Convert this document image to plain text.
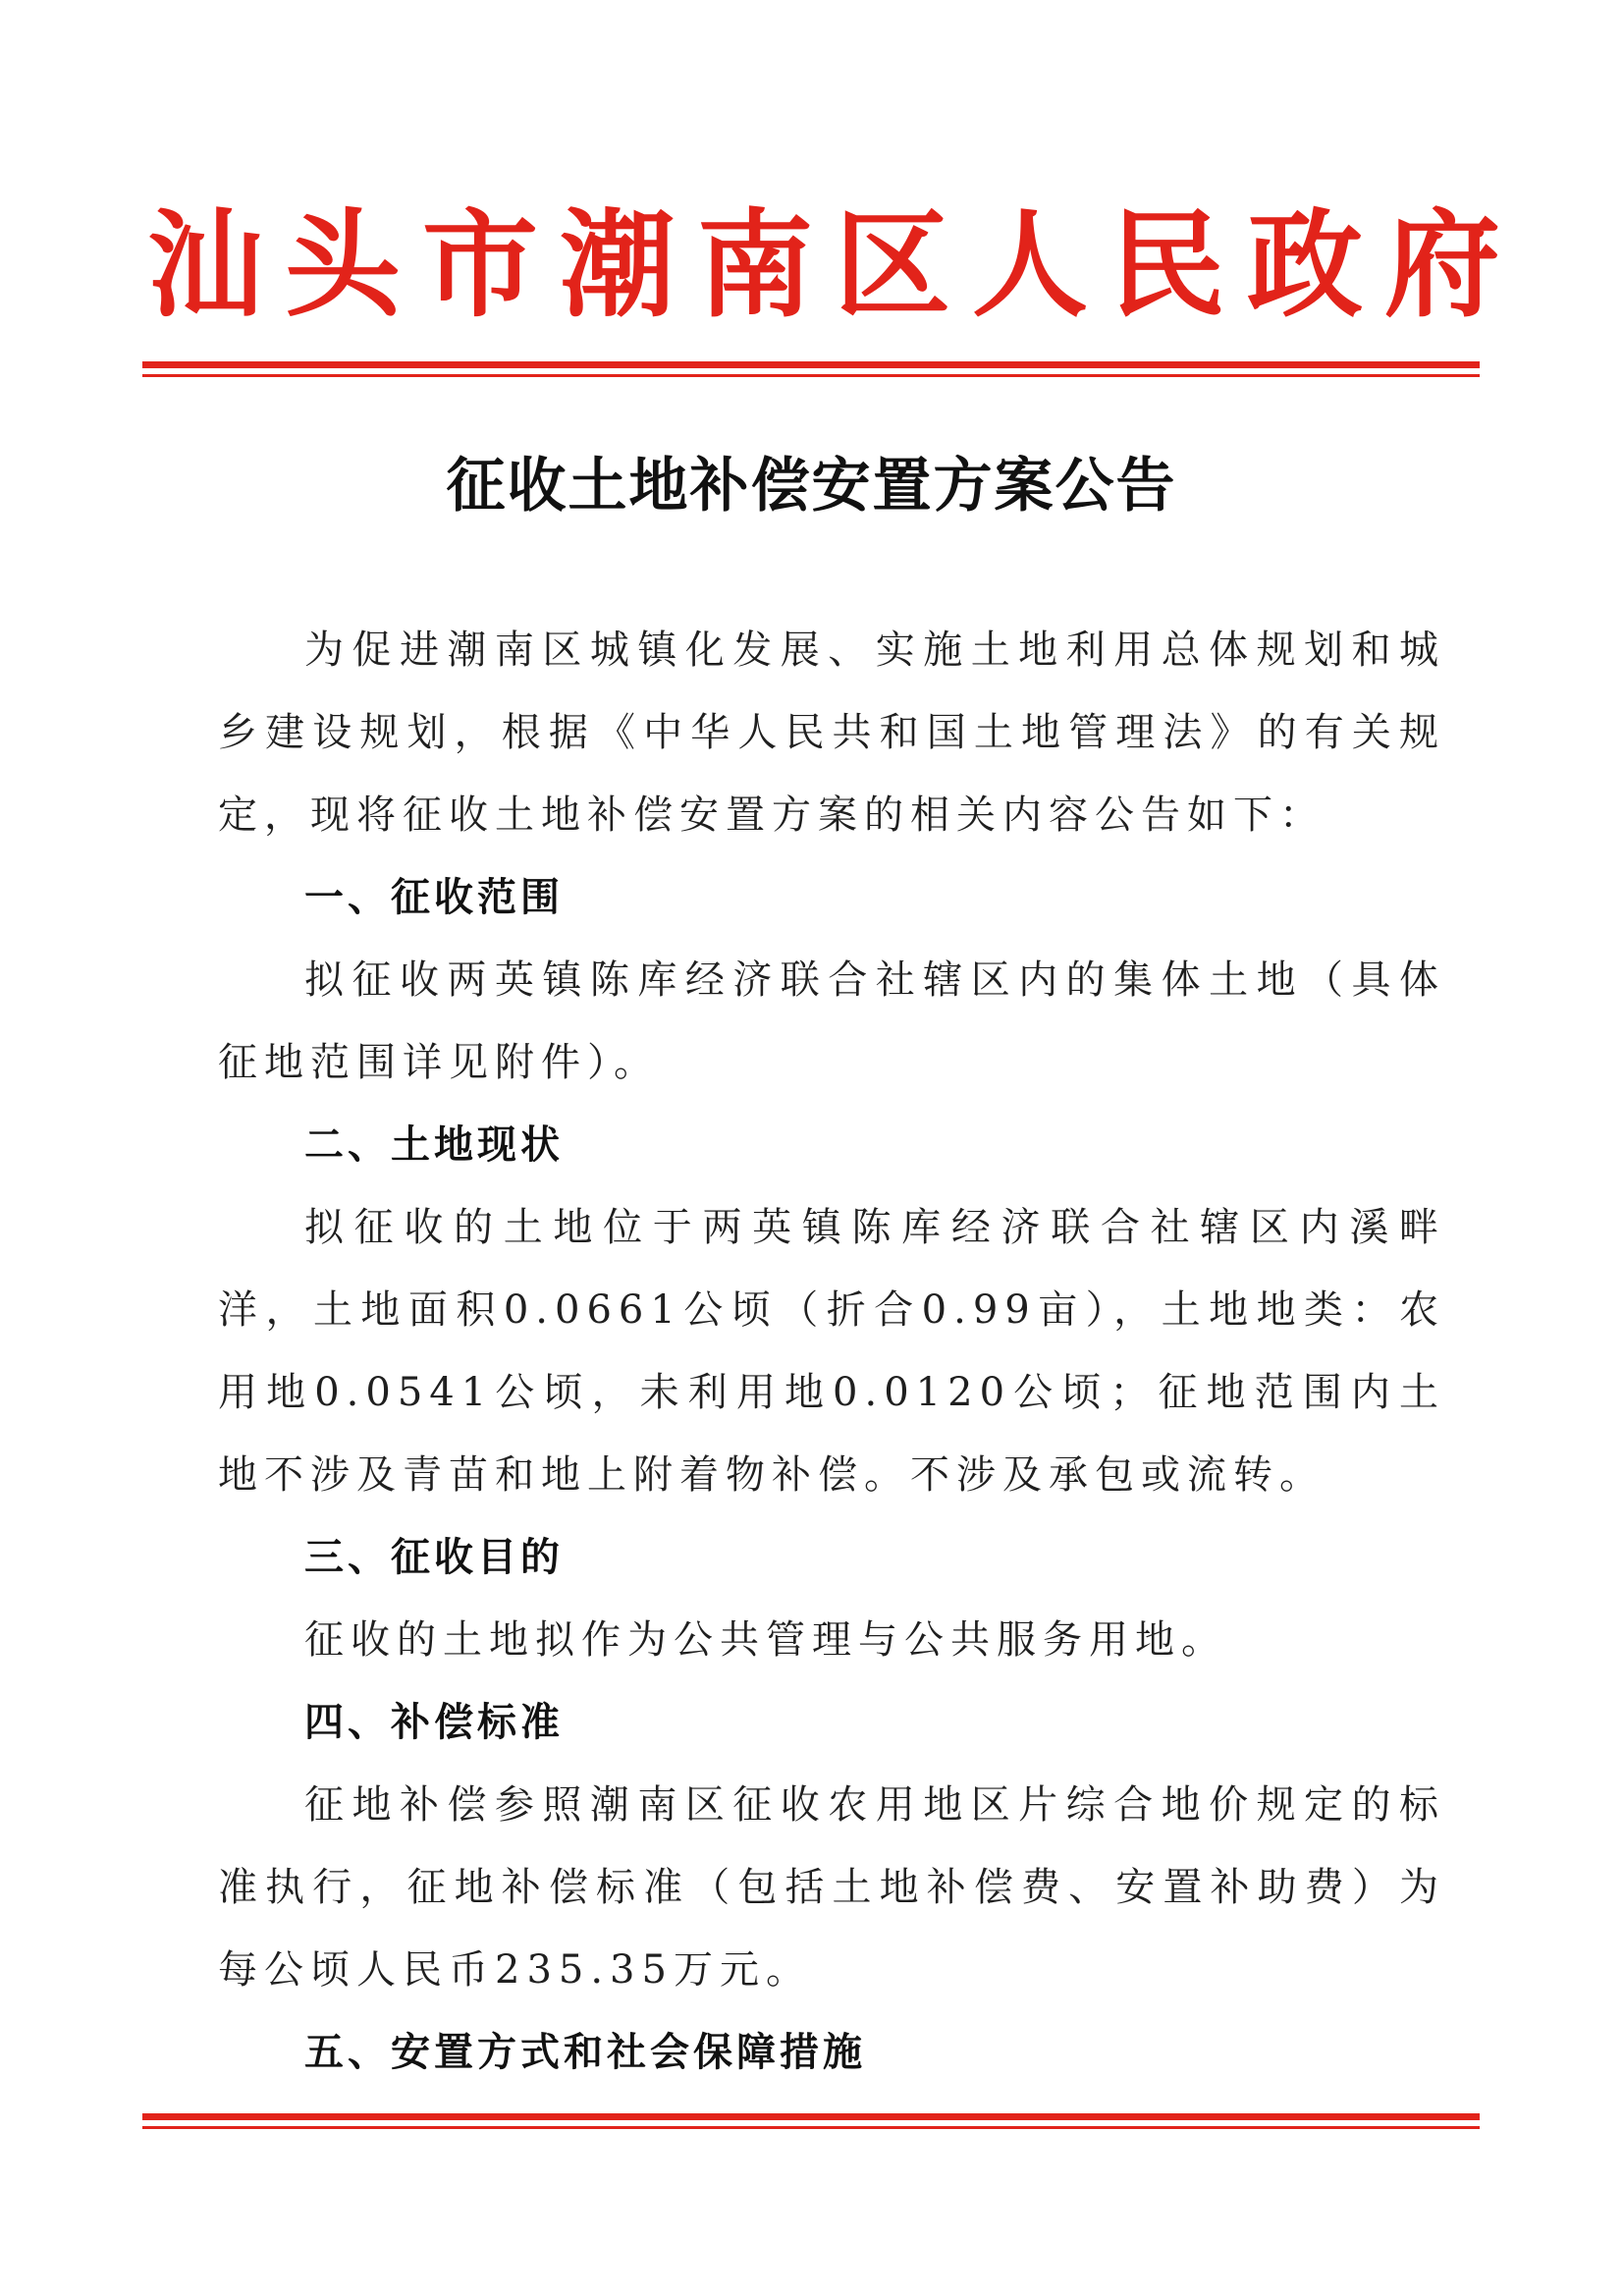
汕头市潮南区人民政府
征收土地补偿安置方案公告

为促进潮南区城镇化发展、实施土地利用总体规划和城乡建设规划，根据《中华人民共和国土地管理法》的有关规定，现将征收土地补偿安置方案的相关内容公告如下：

一、征收范围

拟征收两英镇陈库经济联合社辖区内的集体土地（具体征地范围详见附件）。

二、土地现状

拟征收的土地位于两英镇陈库经济联合社辖区内溪畔洋，土地面积0.0661公顷（折合0.99亩），土地地类：农用地0.0541公顷，未利用地0.0120公顷；征地范围内土地不涉及青苗和地上附着物补偿。不涉及承包或流转。

三、征收目的

征收的土地拟作为公共管理与公共服务用地。

四、补偿标准

征地补偿参照潮南区征收农用地区片综合地价规定的标准执行，征地补偿标准（包括土地补偿费、安置补助费）为每公顷人民币235.35万元。

五、安置方式和社会保障措施
